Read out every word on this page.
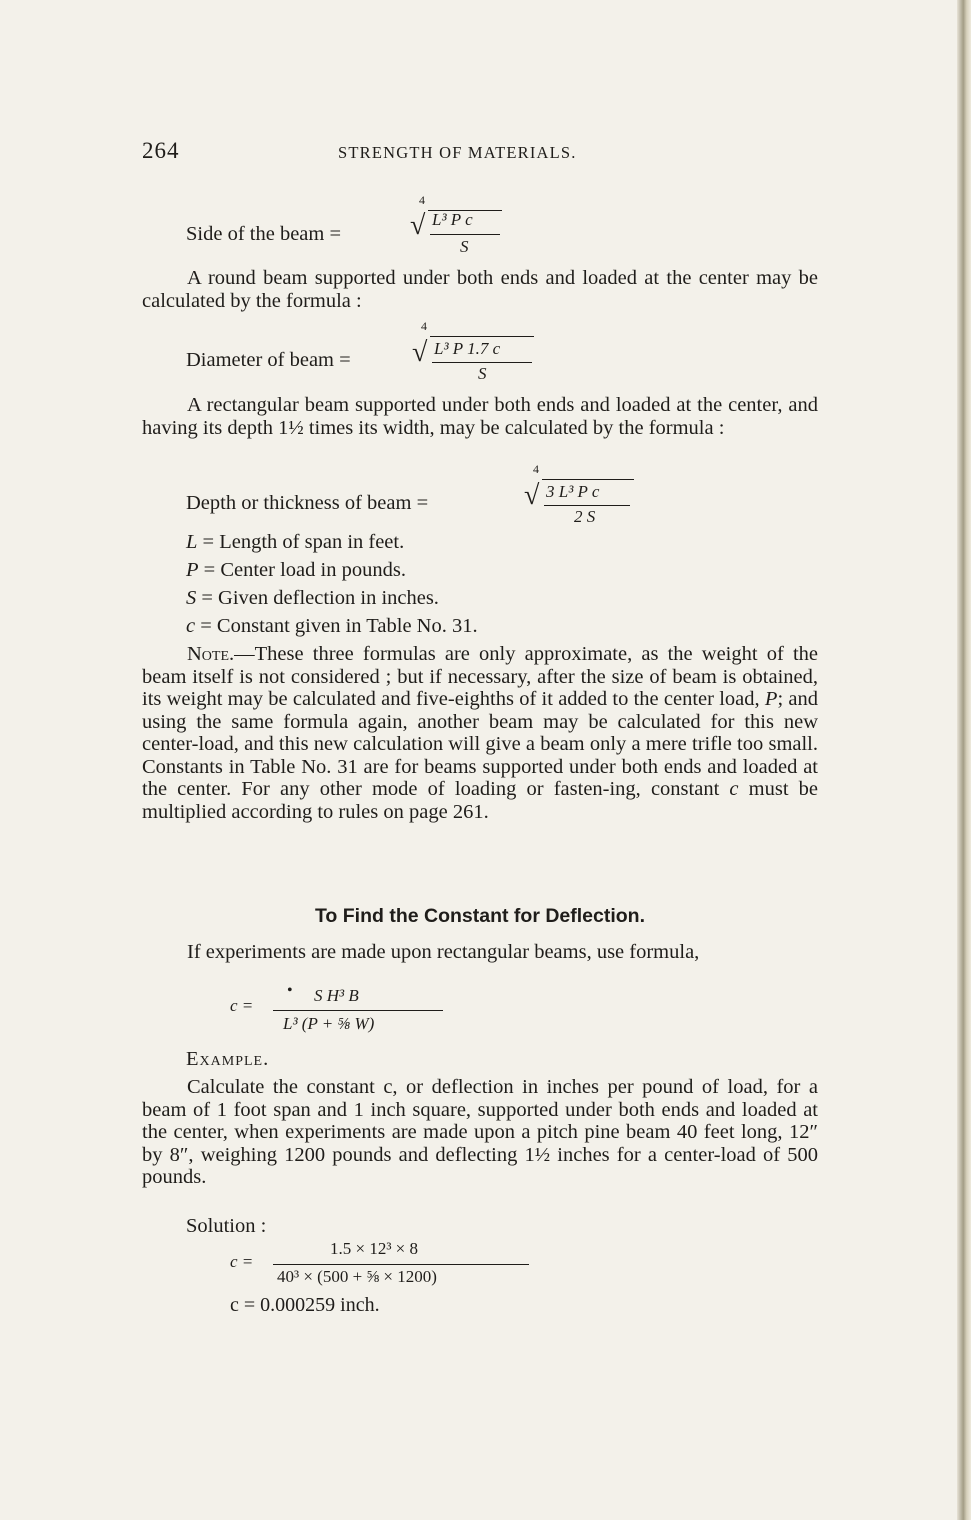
264	STRENGTH OF MATERIALS.
Side of the beam =
4
√ L³ P c
S

A round beam supported under both ends and loaded at the center may be calculated by the formula :

Diameter of beam =
4
√ L³ P 1.7 c
S

A rectangular beam supported under both ends and loaded at the center, and having its depth 1½ times its width, may be calculated by the formula :

Depth or thickness of beam =
4
√ 3 L³ P c
2 S
L = Length of span in feet.
P = Center load in pounds.
S = Given deflection in inches.
c = Constant given in Table No. 31.

Note.—These three formulas are only approximate, as the weight of the beam itself is not considered ; but if necessary, after the size of beam is obtained, its weight may be calculated and five-eighths of it added to the center load, P; and using the same formula again, another beam may be calculated for this new center-load, and this new calculation will give a beam only a mere trifle too small. Constants in Table No. 31 are for beams supported under both ends and loaded at the center. For any other mode of loading or fasten-ing, constant c must be multiplied according to rules on page 261.

To Find the Constant for Deflection.

If experiments are made upon rectangular beams, use formula,

c =
• S H³ B
L³ (P + ⅝ W)
Example.

Calculate the constant c, or deflection in inches per pound of load, for a beam of 1 foot span and 1 inch square, supported under both ends and loaded at the center, when experiments are made upon a pitch pine beam 40 feet long, 12″ by 8″, weighing 1200 pounds and deflecting 1½ inches for a center-load of 500 pounds.

Solution :
c =
1.5 × 12³ × 8
40³ × (500 + ⅝ × 1200)
c = 0.000259 inch.
